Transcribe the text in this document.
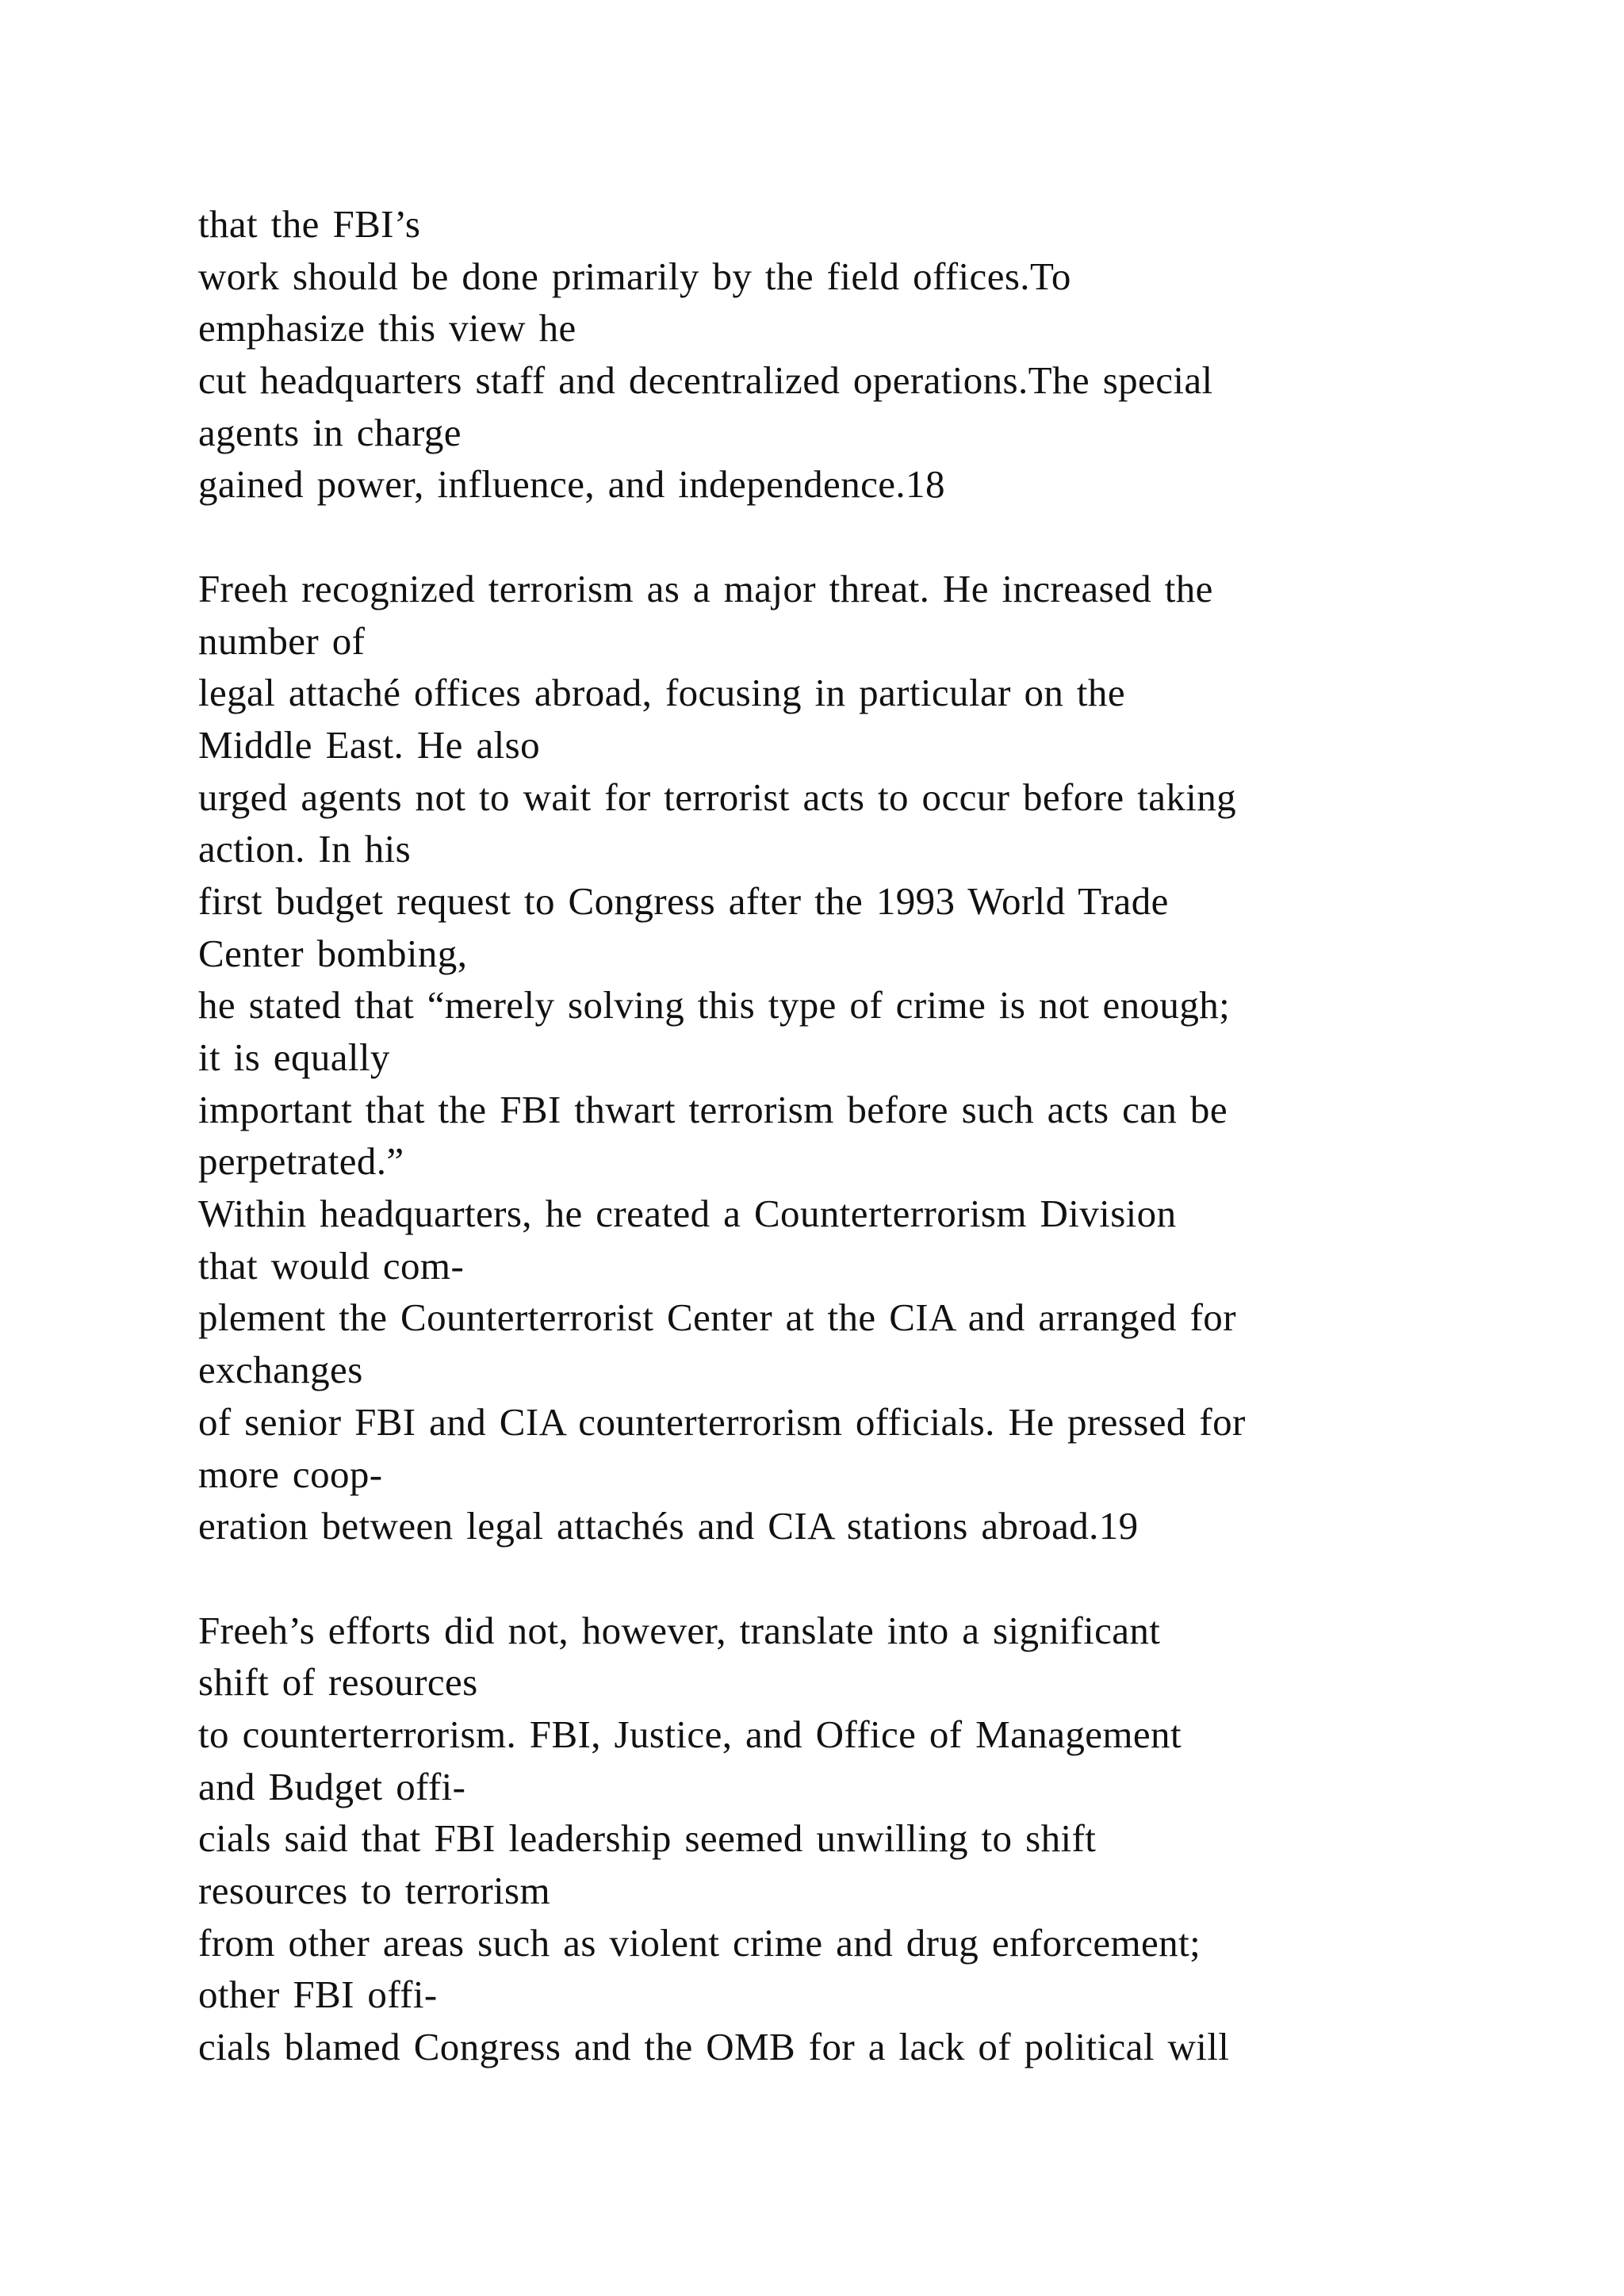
that the FBI’s
work should be done primarily by the field offices.To
emphasize this view he
cut headquarters staff and decentralized operations.The special
agents in charge
gained power, influence, and independence.18
Freeh recognized terrorism as a major threat. He increased the
number of
legal attaché offices abroad, focusing in particular on the
Middle East. He also
urged agents not to wait for terrorist acts to occur before taking
action. In his
first budget request to Congress after the 1993 World Trade
Center bombing,
he stated that “merely solving this type of crime is not enough;
it is equally
important that the FBI thwart terrorism before such acts can be
perpetrated.”
Within headquarters, he created a Counterterrorism Division
that would com-
plement the Counterterrorist Center at the CIA and arranged for
exchanges
of senior FBI and CIA counterterrorism officials. He pressed for
more coop-
eration between legal attachés and CIA stations abroad.19
Freeh’s efforts did not, however, translate into a significant
shift of resources
to counterterrorism. FBI, Justice, and Office of Management
and Budget offi-
cials said that FBI leadership seemed unwilling to shift
resources to terrorism
from other areas such as violent crime and drug enforcement;
other FBI offi-
cials blamed Congress and the OMB for a lack of political will
